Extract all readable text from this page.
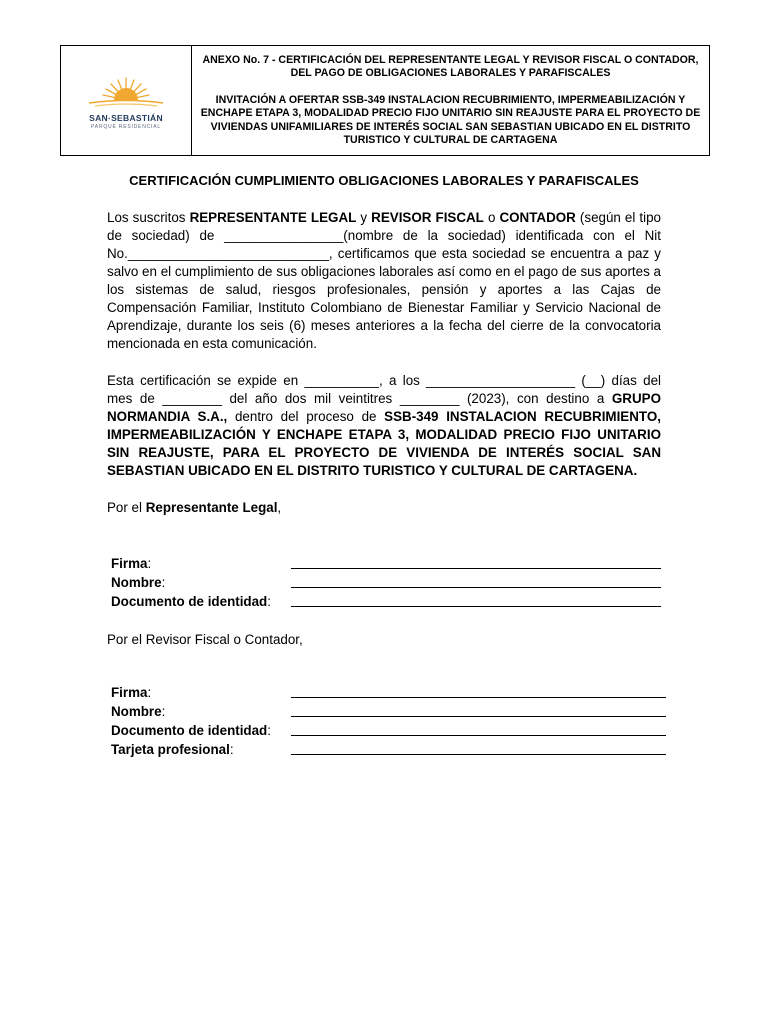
SAN·SEBASTIÁN
PARQUE RESIDENCIAL

ANEXO No. 7 - CERTIFICACIÓN DEL REPRESENTANTE LEGAL Y REVISOR FISCAL O CONTADOR, DEL PAGO DE OBLIGACIONES LABORALES Y PARAFISCALES

INVITACIÓN A OFERTAR SSB-349 INSTALACION RECUBRIMIENTO, IMPERMEABILIZACIÓN Y ENCHAPE ETAPA 3, MODALIDAD PRECIO FIJO UNITARIO SIN REAJUSTE PARA EL PROYECTO DE VIVIENDAS UNIFAMILIARES DE INTERÉS SOCIAL SAN SEBASTIAN UBICADO EN EL DISTRITO TURISTICO Y CULTURAL DE CARTAGENA

CERTIFICACIÓN CUMPLIMIENTO OBLIGACIONES LABORALES Y PARAFISCALES

Los suscritos REPRESENTANTE LEGAL y REVISOR FISCAL o CONTADOR (según el tipo de sociedad) de ________________(nombre de la sociedad) identificada con el Nit No.___________________________, certificamos que esta sociedad se encuentra a paz y salvo en el cumplimiento de sus obligaciones laborales así como en el pago de sus aportes a los sistemas de salud, riesgos profesionales, pensión y aportes a las Cajas de Compensación Familiar, Instituto Colombiano de Bienestar Familiar y Servicio Nacional de Aprendizaje, durante los seis (6) meses anteriores a la fecha del cierre de la convocatoria mencionada en esta comunicación.

Esta certificación se expide en __________, a los ____________________ (__) días del mes de ________ del año dos mil veintitres ________ (2023), con destino a GRUPO NORMANDIA S.A., dentro del proceso de SSB-349 INSTALACION RECUBRIMIENTO, IMPERMEABILIZACIÓN Y ENCHAPE ETAPA 3, MODALIDAD PRECIO FIJO UNITARIO SIN REAJUSTE, PARA EL PROYECTO DE VIVIENDA DE INTERÉS SOCIAL SAN SEBASTIAN UBICADO EN EL DISTRITO TURISTICO Y CULTURAL DE CARTAGENA.

Por el Representante Legal,

Firma:
Nombre:
Documento de identidad:

Por el Revisor Fiscal o Contador,

Firma:
Nombre:
Documento de identidad:
Tarjeta profesional:
